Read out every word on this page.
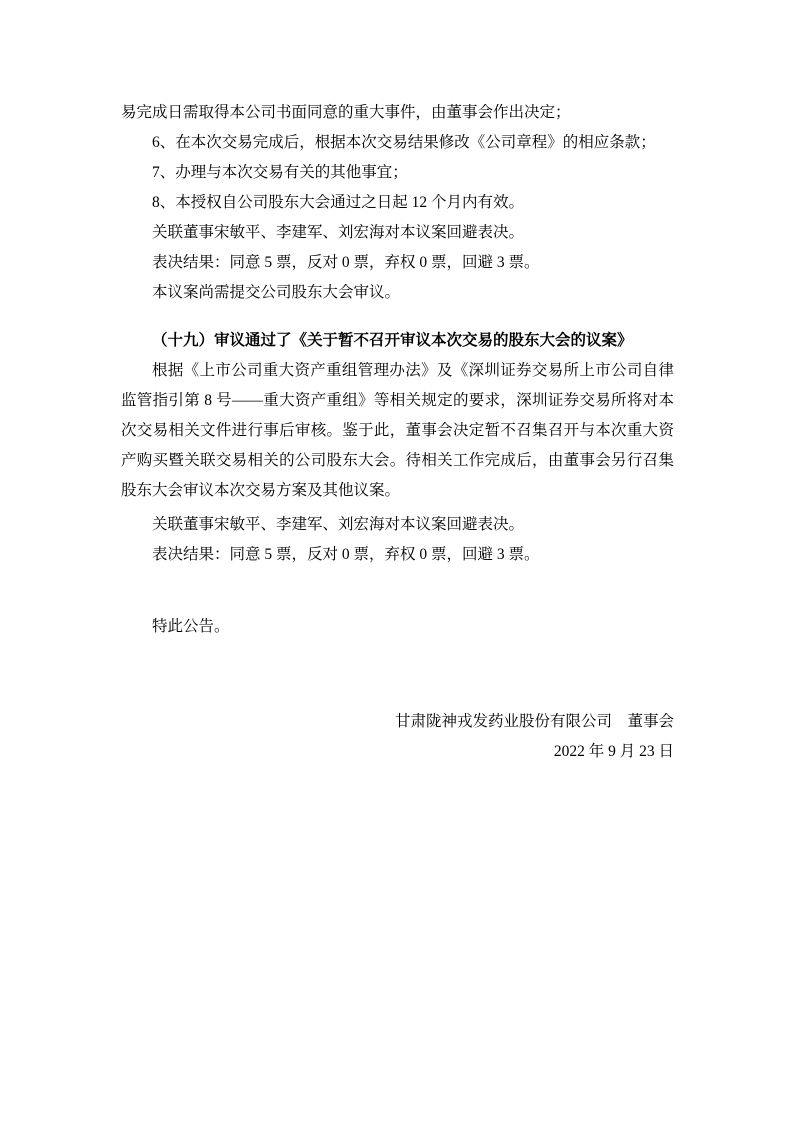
易完成日需取得本公司书面同意的重大事件，由董事会作出决定；

6、在本次交易完成后，根据本次交易结果修改《公司章程》的相应条款；

7、办理与本次交易有关的其他事宜；

8、本授权自公司股东大会通过之日起 12 个月内有效。

关联董事宋敏平、李建军、刘宏海对本议案回避表决。

表决结果：同意 5 票，反对 0 票，弃权 0 票，回避 3 票。

本议案尚需提交公司股东大会审议。

（十九）审议通过了《关于暂不召开审议本次交易的股东大会的议案》

根据《上市公司重大资产重组管理办法》及《深圳证券交易所上市公司自律监管指引第 8 号——重大资产重组》等相关规定的要求，深圳证券交易所将对本次交易相关文件进行事后审核。鉴于此，董事会决定暂不召集召开与本次重大资产购买暨关联交易相关的公司股东大会。待相关工作完成后，由董事会另行召集股东大会审议本次交易方案及其他议案。

关联董事宋敏平、李建军、刘宏海对本议案回避表决。

表决结果：同意 5 票，反对 0 票，弃权 0 票，回避 3 票。

特此公告。

甘肃陇神戎发药业股份有限公司　董事会

2022 年 9 月 23 日
